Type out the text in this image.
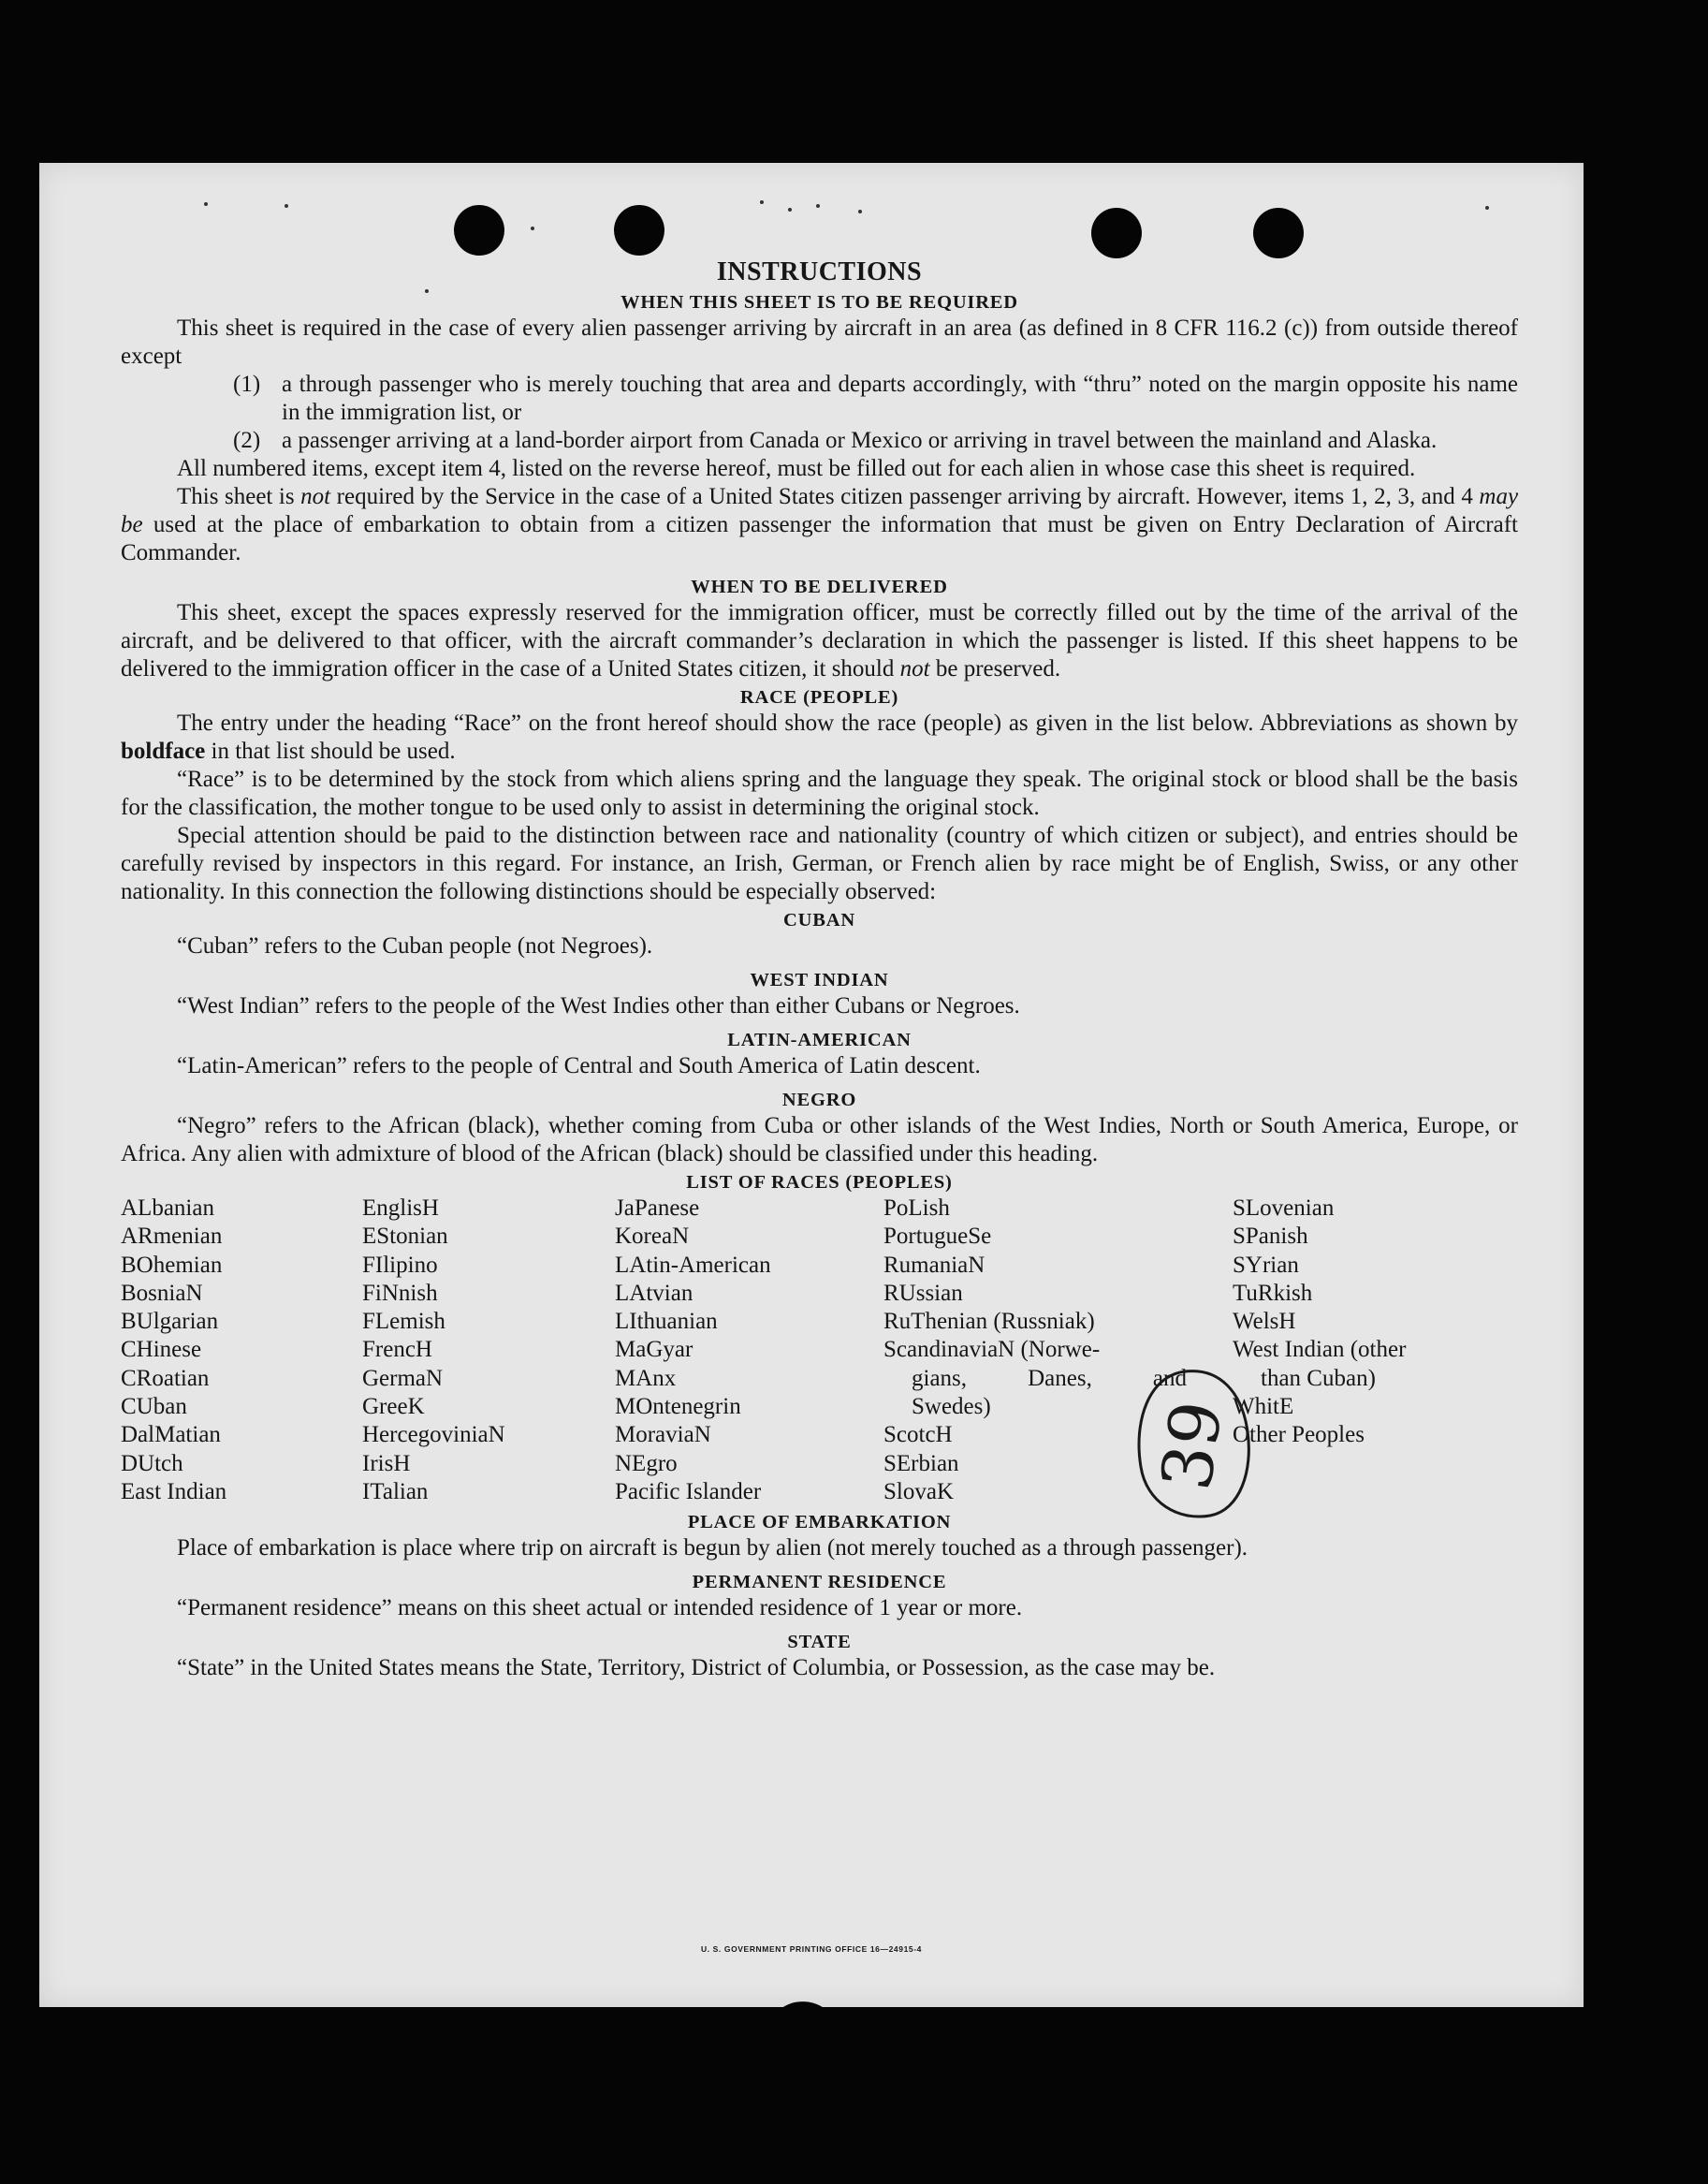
INSTRUCTIONS
WHEN THIS SHEET IS TO BE REQUIRED

This sheet is required in the case of every alien passenger arriving by aircraft in an area (as defined in 8 CFR 116.2 (c)) from outside thereof except

(1) a through passenger who is merely touching that area and departs accordingly, with “thru” noted on the margin opposite his name in the immigration list, or
(2) a passenger arriving at a land-border airport from Canada or Mexico or arriving in travel between the mainland and Alaska.

All numbered items, except item 4, listed on the reverse hereof, must be filled out for each alien in whose case this sheet is required.

This sheet is not required by the Service in the case of a United States citizen passenger arriving by aircraft. However, items 1, 2, 3, and 4 may be used at the place of embarkation to obtain from a citizen passenger the information that must be given on Entry Declaration of Aircraft Commander.

WHEN TO BE DELIVERED

This sheet, except the spaces expressly reserved for the immigration officer, must be correctly filled out by the time of the arrival of the aircraft, and be delivered to that officer, with the aircraft commander’s declaration in which the passenger is listed. If this sheet happens to be delivered to the immigration officer in the case of a United States citizen, it should not be preserved.

RACE (PEOPLE)

The entry under the heading “Race” on the front hereof should show the race (people) as given in the list below. Abbreviations as shown by boldface in that list should be used.

“Race” is to be determined by the stock from which aliens spring and the language they speak. The original stock or blood shall be the basis for the classification, the mother tongue to be used only to assist in determining the original stock.

Special attention should be paid to the distinction between race and nationality (country of which citizen or subject), and entries should be carefully revised by inspectors in this regard. For instance, an Irish, German, or French alien by race might be of English, Swiss, or any other nationality. In this connection the following distinctions should be especially observed:

CUBAN

“Cuban” refers to the Cuban people (not Negroes).

WEST INDIAN

“West Indian” refers to the people of the West Indies other than either Cubans or Negroes.

LATIN-AMERICAN

“Latin-American” refers to the people of Central and South America of Latin descent.

NEGRO

“Negro” refers to the African (black), whether coming from Cuba or other islands of the West Indies, North or South America, Europe, or Africa. Any alien with admixture of blood of the African (black) should be classified under this heading.

LIST OF RACES (PEOPLES)
ALbanian
ARmenian
BOhemian
BosniaN
BUlgarian
CHinese
CRoatian
CUban
DalMatian
DUtch
East Indian
EnglisH
EStonian
FIlipino
FiNnish
FLemish
FrencH
GermaN
GreeK
HercegoviniaN
IrisH
ITalian
JaPanese
KoreaN
LAtin-American
LAtvian
LIthuanian
MaGyar
MAnx
MOntenegrin
MoraviaN
NEgro
Pacific Islander
PoLish
PortugueSe
RumaniaN
RUssian
RuThenian (Russniak)
ScandinaviaN (Norwe-
gians, Danes, and
Swedes)
ScotcH
SErbian
SlovaK
SLovenian
SPanish
SYrian
TuRkish
WelsH
West Indian (other
than Cuban)
WhitE
Other Peoples
PLACE OF EMBARKATION

Place of embarkation is place where trip on aircraft is begun by alien (not merely touched as a through passenger).

PERMANENT RESIDENCE

“Permanent residence” means on this sheet actual or intended residence of 1 year or more.

STATE

“State” in the United States means the State, Territory, District of Columbia, or Possession, as the case may be.

39
U. S. GOVERNMENT PRINTING OFFICE 16—24915-4
of p
